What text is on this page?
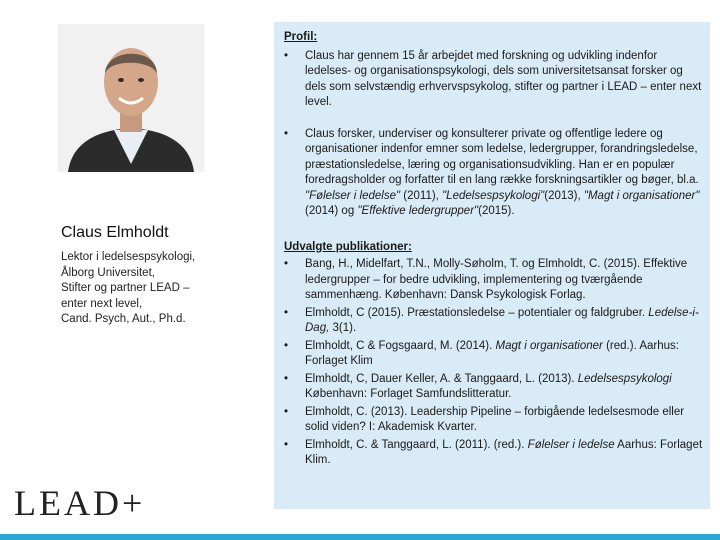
Claus Elmholdt
Lektor i ledelsespsykologi,
Ålborg Universitet,
Stifter og partner LEAD –
enter next level,
Cand. Psych, Aut., Ph.d.
LEAD+
Profil:
• Claus har gennem 15 år arbejdet med forskning og udvikling indenfor ledelses- og organisationspsykologi, dels som universitetsansat forsker og dels som selvstændig erhvervspsykolog, stifter og partner i LEAD – enter next level.
• Claus forsker, underviser og konsulterer private og offentlige ledere og organisationer indenfor emner som ledelse, ledergrupper, forandringsledelse, præstationsledelse, læring og organisationsudvikling. Han er en populær foredragsholder og forfatter til en lang række forskningsartikler og bøger, bl.a. "Følelser i ledelse" (2011), "Ledelsespsykologi"(2013), "Magt i organisationer" (2014) og "Effektive ledergrupper"(2015).
Udvalgte publikationer:
• Bang, H., Midelfart, T.N., Molly-Søholm, T. og Elmholdt, C. (2015). Effektive ledergrupper – for bedre udvikling, implementering og tværgående sammenhæng. København: Dansk Psykologisk Forlag.
• Elmholdt, C (2015). Præstationsledelse – potentialer og faldgruber. Ledelse-i-Dag, 3(1).
• Elmholdt, C & Fogsgaard, M. (2014). Magt i organisationer (red.). Aarhus: Forlaget Klim
• Elmholdt, C, Dauer Keller, A. & Tanggaard, L. (2013). Ledelsespsykologi København: Forlaget Samfundslitteratur.
• Elmholdt, C. (2013). Leadership Pipeline – forbigående ledelsesmode eller solid viden? I: Akademisk Kvarter.
• Elmholdt, C. & Tanggaard, L. (2011). (red.). Følelser i ledelse Aarhus: Forlaget Klim.
